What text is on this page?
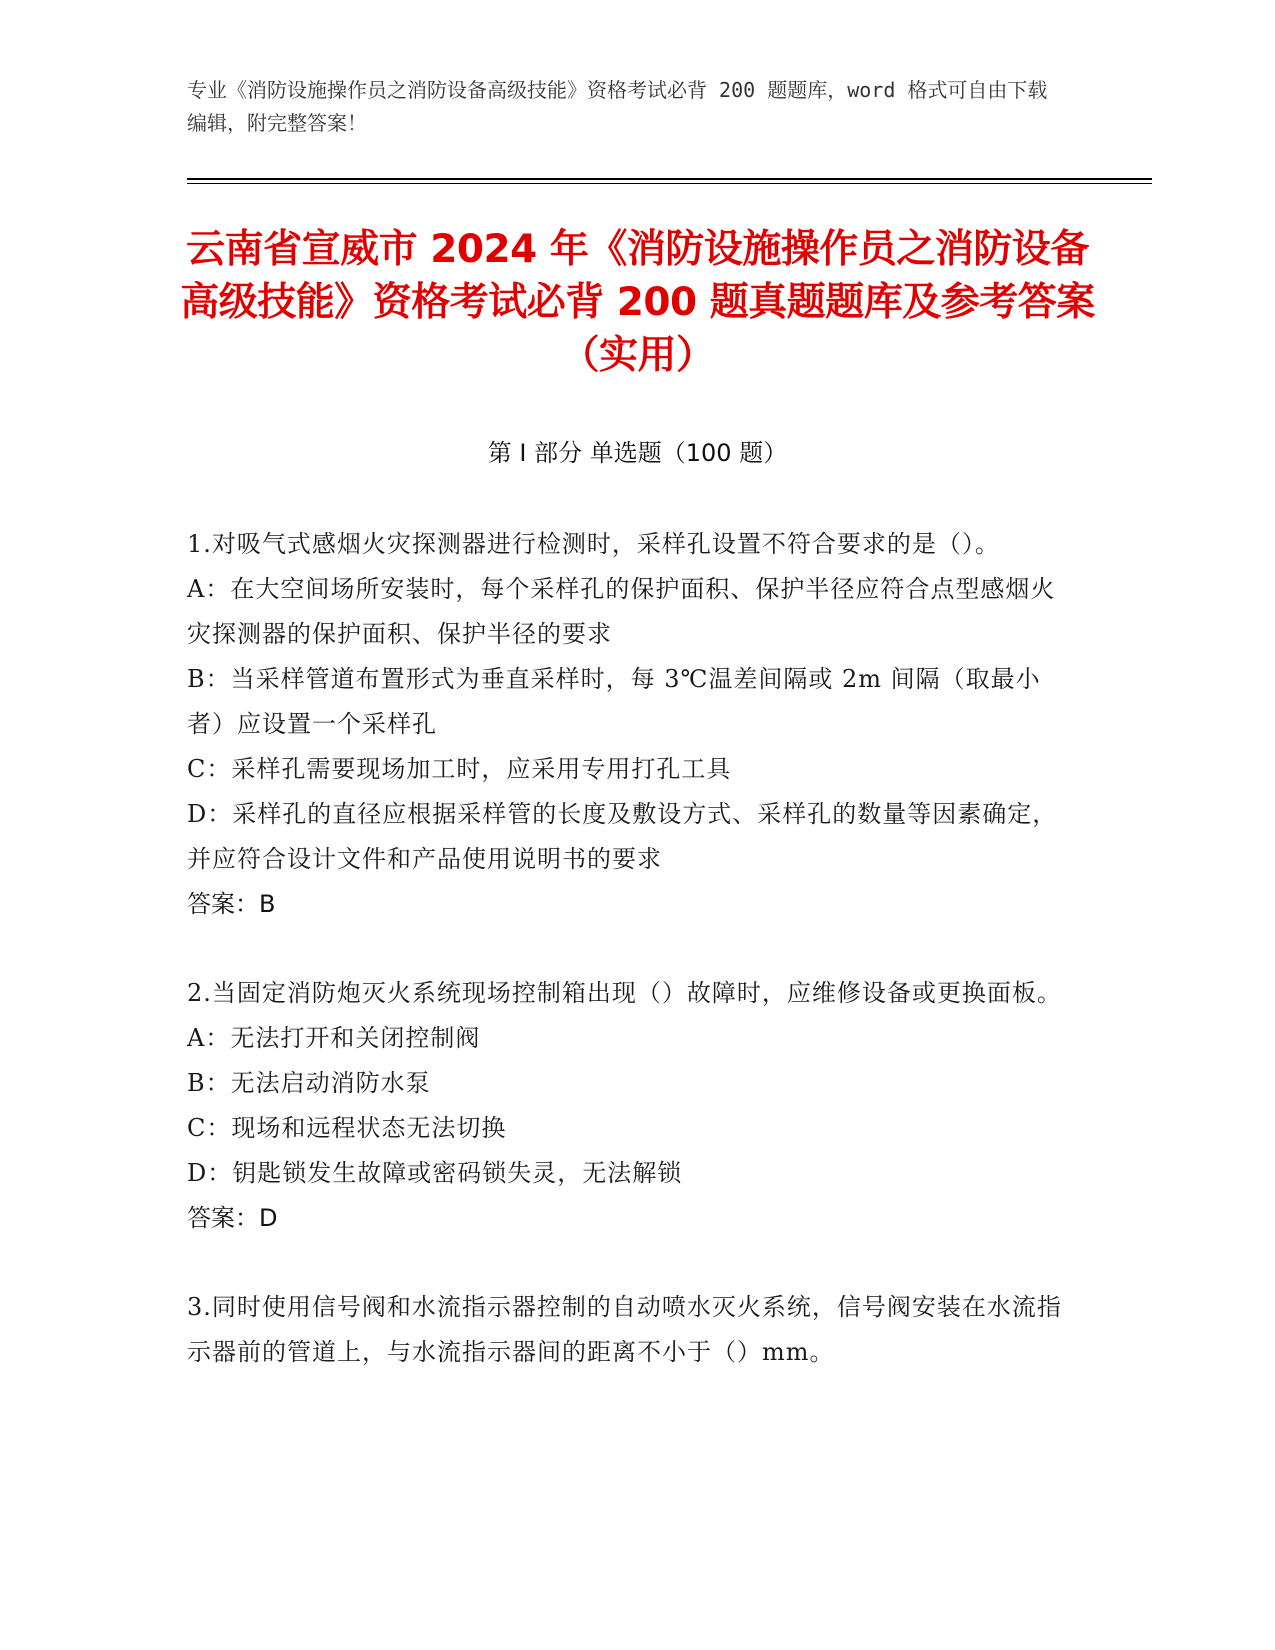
专业《消防设施操作员之消防设备高级技能》资格考试必背 200 题题库，word 格式可自由下载编辑，附完整答案！
云南省宣威市 2024 年《消防设施操作员之消防设备高级技能》资格考试必背 200 题真题题库及参考答案（实用）
第 I 部分 单选题（100 题）

1.对吸气式感烟火灾探测器进行检测时，采样孔设置不符合要求的是（）。

A：在大空间场所安装时，每个采样孔的保护面积、保护半径应符合点型感烟火灾探测器的保护面积、保护半径的要求

B：当采样管道布置形式为垂直采样时，每 3℃温差间隔或 2m 间隔（取最小者）应设置一个采样孔

C：采样孔需要现场加工时，应采用专用打孔工具

D：采样孔的直径应根据采样管的长度及敷设方式、采样孔的数量等因素确定，并应符合设计文件和产品使用说明书的要求

答案：B

2.当固定消防炮灭火系统现场控制箱出现（）故障时，应维修设备或更换面板。

A：无法打开和关闭控制阀

B：无法启动消防水泵

C：现场和远程状态无法切换

D：钥匙锁发生故障或密码锁失灵，无法解锁

答案：D

3.同时使用信号阀和水流指示器控制的自动喷水灭火系统，信号阀安装在水流指示器前的管道上，与水流指示器间的距离不小于（）mm。
